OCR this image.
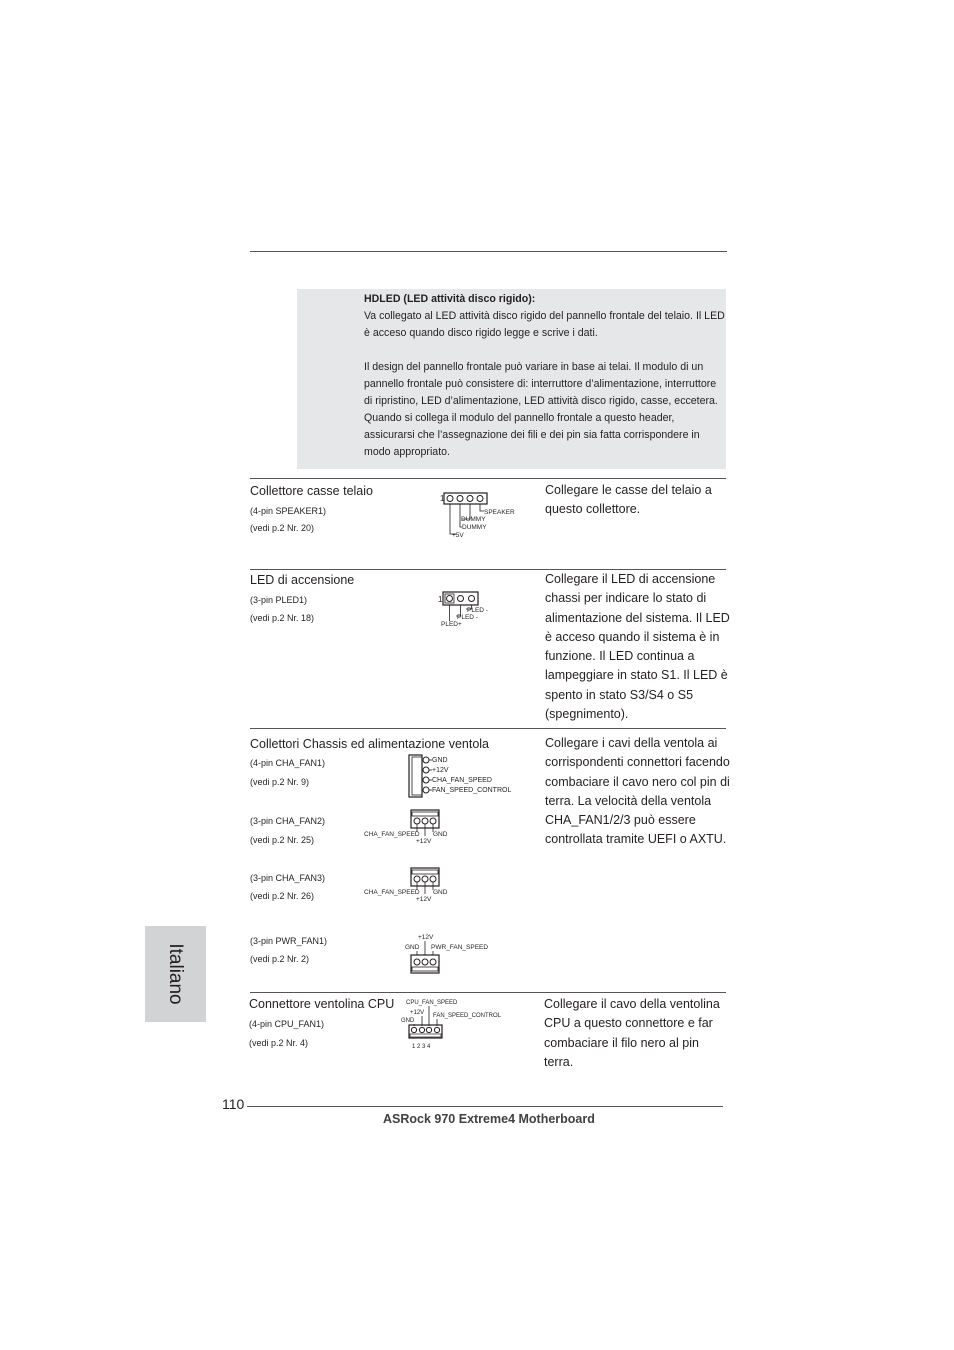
HDLED (LED attività disco rigido):

Va collegato al LED attività disco rigido del pannello frontale del telaio. Il LED è acceso quando disco rigido legge e scrive i dati.

Il design del pannello frontale può variare in base ai telai. Il modulo di un pannello frontale può consistere di: interruttore d’alimentazione, interruttore di ripristino, LED d’alimentazione, LED attività disco rigido, casse, eccetera. Quando si collega il modulo del pannello frontale a questo header, assicurarsi che l’assegnazione dei fili e dei pin sia fatta corrispondere in modo appropriato.

Collettore casse telaio
(4-pin SPEAKER1)
(vedi p.2 Nr. 20)
Collegare le casse del telaio a questo collettore.
1
SPEAKER
DUMMY
DUMMY
+5V
LED di accensione
(3-pin PLED1)
(vedi p.2 Nr. 18)
Collegare il LED di accensione chassi per indicare lo stato di alimentazione del sistema. Il LED è acceso quando il sistema è in funzione. Il LED continua a lampeggiare in stato S1. Il LED è spento in stato S3/S4 o S5 (spegnimento).
1
PLED -
PLED -
PLED+
Collettori Chassis ed alimentazione ventola	Collegare i cavi della ventola ai corrispondenti connettori facendo combaciare il cavo nero col pin di terra. La velocità della ventola CHA_FAN1/2/3 può essere controllata tramite UEFI o AXTU.
(4-pin CHA_FAN1)
(vedi p.2 Nr. 9)
GND
+12V
CHA_FAN_SPEED
FAN_SPEED_CONTROL
(3-pin CHA_FAN2)
(vedi p.2 Nr. 25)
CHA_FAN_SPEED GND
+12V
(3-pin CHA_FAN3)
(vedi p.2 Nr. 26)	CHA_FAN_SPEED GND
+12V
(3-pin PWR_FAN1)
(vedi p.2 Nr. 2)
+12V
GND PWR_FAN_SPEED
Connettore ventolina CPU
(4-pin CPU_FAN1)
(vedi p.2 Nr. 4)
Collegare il cavo della ventolina CPU a questo connettore e far combaciare il filo nero al pin terra.
CPU_FAN_SPEED
+12V
GND
FAN_SPEED_CONTROL
1 2 3 4
Italiano
110
ASRock 970 Extreme4 Motherboard
